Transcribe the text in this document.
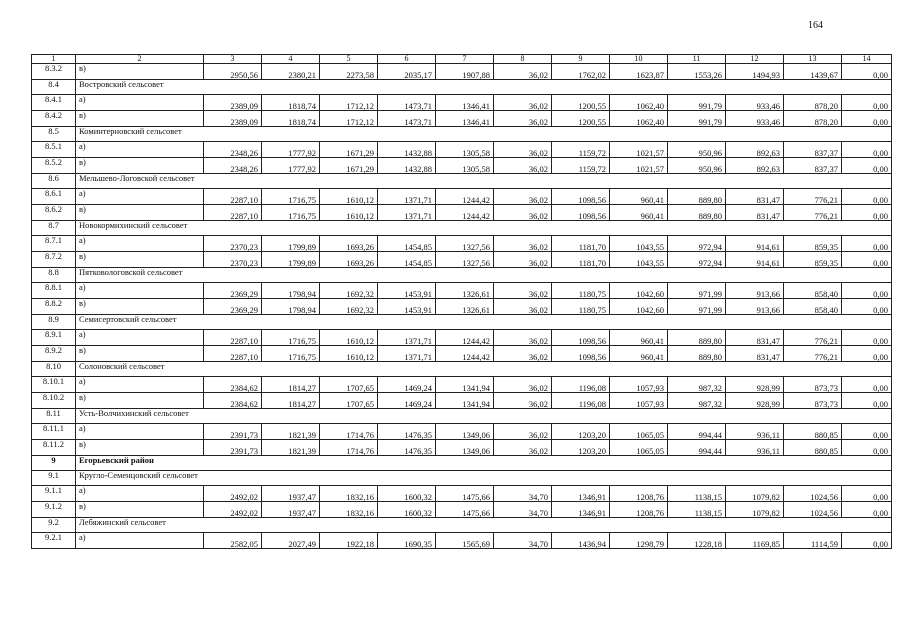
164
1	2	3	4	5	6	7	8	9	10	11	12	13	14
8.3.2	в)	2950,56	2380,21	2273,58	2035,17	1907,88	36,02	1762,02	1623,87	1553,26	1494,93	1439,67	0,00
8.4	Востровский сельсовет												
8.4.1	а)	2389,09	1818,74	1712,12	1473,71	1346,41	36,02	1200,55	1062,40	991,79	933,46	878,20	0,00
8.4.2	в)	2389,09	1818,74	1712,12	1473,71	1346,41	36,02	1200,55	1062,40	991,79	933,46	878,20	0,00
8.5	Коминтерновский сельсовет												
8.5.1	а)	2348,26	1777,92	1671,29	1432,88	1305,58	36,02	1159,72	1021,57	950,96	892,63	837,37	0,00
8.5.2	в)	2348,26	1777,92	1671,29	1432,88	1305,58	36,02	1159,72	1021,57	950,96	892,63	837,37	0,00
8.6	Мельшево-Логовской сельсовет												
8.6.1	а)	2287,10	1716,75	1610,12	1371,71	1244,42	36,02	1098,56	960,41	889,80	831,47	776,21	0,00
8.6.2	в)	2287,10	1716,75	1610,12	1371,71	1244,42	36,02	1098,56	960,41	889,80	831,47	776,21	0,00
8.7	Новокормихинский сельсовет												
8.7.1	а)	2370,23	1799,89	1693,26	1454,85	1327,56	36,02	1181,70	1043,55	972,94	914,61	859,35	0,00
8.7.2	в)	2370,23	1799,89	1693,26	1454,85	1327,56	36,02	1181,70	1043,55	972,94	914,61	859,35	0,00
8.8	Пятковологовской сельсовет												
8.8.1	а)	2369,29	1798,94	1692,32	1453,91	1326,61	36,02	1180,75	1042,60	971,99	913,66	858,40	0,00
8.8.2	в)	2369,29	1798,94	1692,32	1453,91	1326,61	36,02	1180,75	1042,60	971,99	913,66	858,40	0,00
8.9	Семисертовский сельсовет												
8.9.1	а)	2287,10	1716,75	1610,12	1371,71	1244,42	36,02	1098,56	960,41	889,80	831,47	776,21	0,00
8.9.2	в)	2287,10	1716,75	1610,12	1371,71	1244,42	36,02	1098,56	960,41	889,80	831,47	776,21	0,00
8.10	Солоновский сельсовет												
8.10.1	а)	2384,62	1814,27	1707,65	1469,24	1341,94	36,02	1196,08	1057,93	987,32	928,99	873,73	0,00
8.10.2	в)	2384,62	1814,27	1707,65	1469,24	1341,94	36,02	1196,08	1057,93	987,32	928,99	873,73	0,00
8.11	Усть-Волчихинский сельсовет												
8.11.1	а)	2391,73	1821,39	1714,76	1476,35	1349,06	36,02	1203,20	1065,05	994,44	936,11	880,85	0,00
8.11.2	в)	2391,73	1821,39	1714,76	1476,35	1349,06	36,02	1203,20	1065,05	994,44	936,11	880,85	0,00
9	Егорьевский район												
9.1	Кругло-Семенцовский сельсовет												
9.1.1	а)	2492,02	1937,47	1832,16	1600,32	1475,66	34,70	1346,91	1208,76	1138,15	1079,82	1024,56	0,00
9.1.2	в)	2492,02	1937,47	1832,16	1600,32	1475,66	34,70	1346,91	1208,76	1138,15	1079,82	1024,56	0,00
9.2	Лебяжинский сельсовет												
9.2.1	а)	2582,05	2027,49	1922,18	1690,35	1565,69	34,70	1436,94	1298,79	1228,18	1169,85	1114,59	0,00
